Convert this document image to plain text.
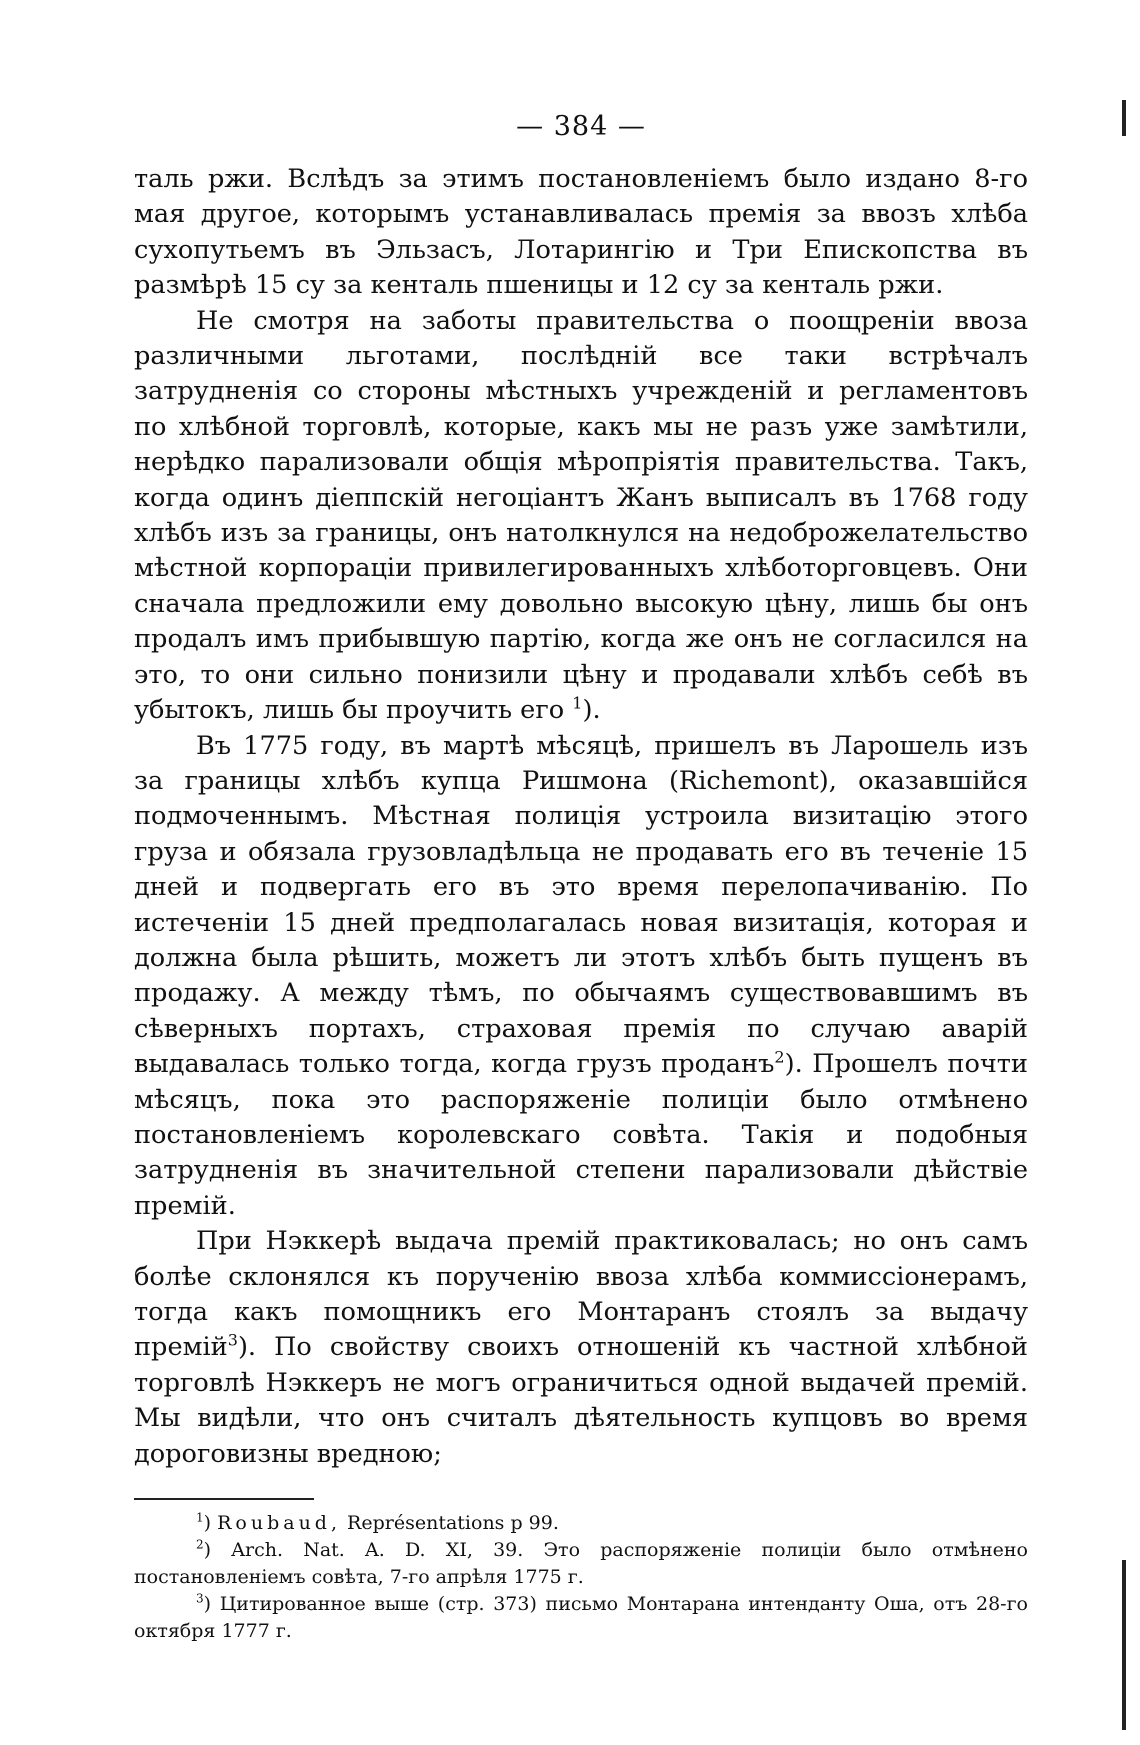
— 384 —

таль ржи. Вслѣдъ за этимъ постановленіемъ было издано 8-го мая другое, которымъ устанавливалась премія за ввозъ хлѣба сухопутьемъ въ Эльзасъ, Лотарингію и Три Епископства въ размѣрѣ 15 су за кенталь пшеницы и 12 су за кенталь ржи.

Не смотря на заботы правительства о поощреніи ввоза различными льготами, послѣдній все таки встрѣчалъ затрудненія со стороны мѣстныхъ учрежденій и регламентовъ по хлѣбной торговлѣ, которые, какъ мы не разъ уже замѣтили, нерѣдко парализовали общія мѣропріятія правительства. Такъ, когда одинъ діеппскій негоціантъ Жанъ выписалъ въ 1768 году хлѣбъ изъ за границы, онъ натолкнулся на недоброжелательство мѣстной корпораціи привилегированныхъ хлѣботорговцевъ. Они сначала предложили ему довольно высокую цѣну, лишь бы онъ продалъ имъ прибывшую партію, когда же онъ не согласился на это, то они сильно понизили цѣну и продавали хлѣбъ себѣ въ убытокъ, лишь бы проучить его $^1$).

Въ 1775 году, въ мартѣ мѣсяцѣ, пришелъ въ Ларошель изъ за границы хлѣбъ купца Ришмона (Richemont), оказавшійся подмоченнымъ. Мѣстная полиція устроила визитацію этого груза и обязала грузовладѣльца не продавать его въ теченіе 15 дней и подвергать его въ это время перелопачиванію. По истеченіи 15 дней предполагалась новая визитація, которая и должна была рѣшить, можетъ ли этотъ хлѣбъ быть пущенъ въ продажу. А между тѣмъ, по обычаямъ существовавшимъ въ сѣверныхъ портахъ, страховая премія по случаю аварій выдавалась только тогда, когда грузъ проданъ$^2$). Прошелъ почти мѣсяцъ, пока это распоряженіе полиціи было отмѣнено постановленіемъ королевскаго совѣта. Такія и подобныя затрудненія въ значительной степени парализовали дѣйствіе премій.

При Нэккерѣ выдача премій практиковалась; но онъ самъ болѣе склонялся къ порученію ввоза хлѣба коммиссіонерамъ, тогда какъ помощникъ его Монтаранъ стоялъ за выдачу премій$^3$). По свойству своихъ отношеній къ частной хлѣбной торговлѣ Нэккеръ не могъ ограничиться одной выдачей премій. Мы видѣли, что онъ считалъ дѣятельность купцовъ во время дороговизны вредною;

$^1$) Roubaud, Représentations p 99.

$^2$) Arch. Nat. A. D. XI, 39. Это распоряженіе полиціи было отмѣнено постановленіемъ совѣта, 7-го апрѣля 1775 г.

$^3$) Цитированное выше (стр. 373) письмо Монтарана интенданту Оша, отъ 28-го октября 1777 г.
